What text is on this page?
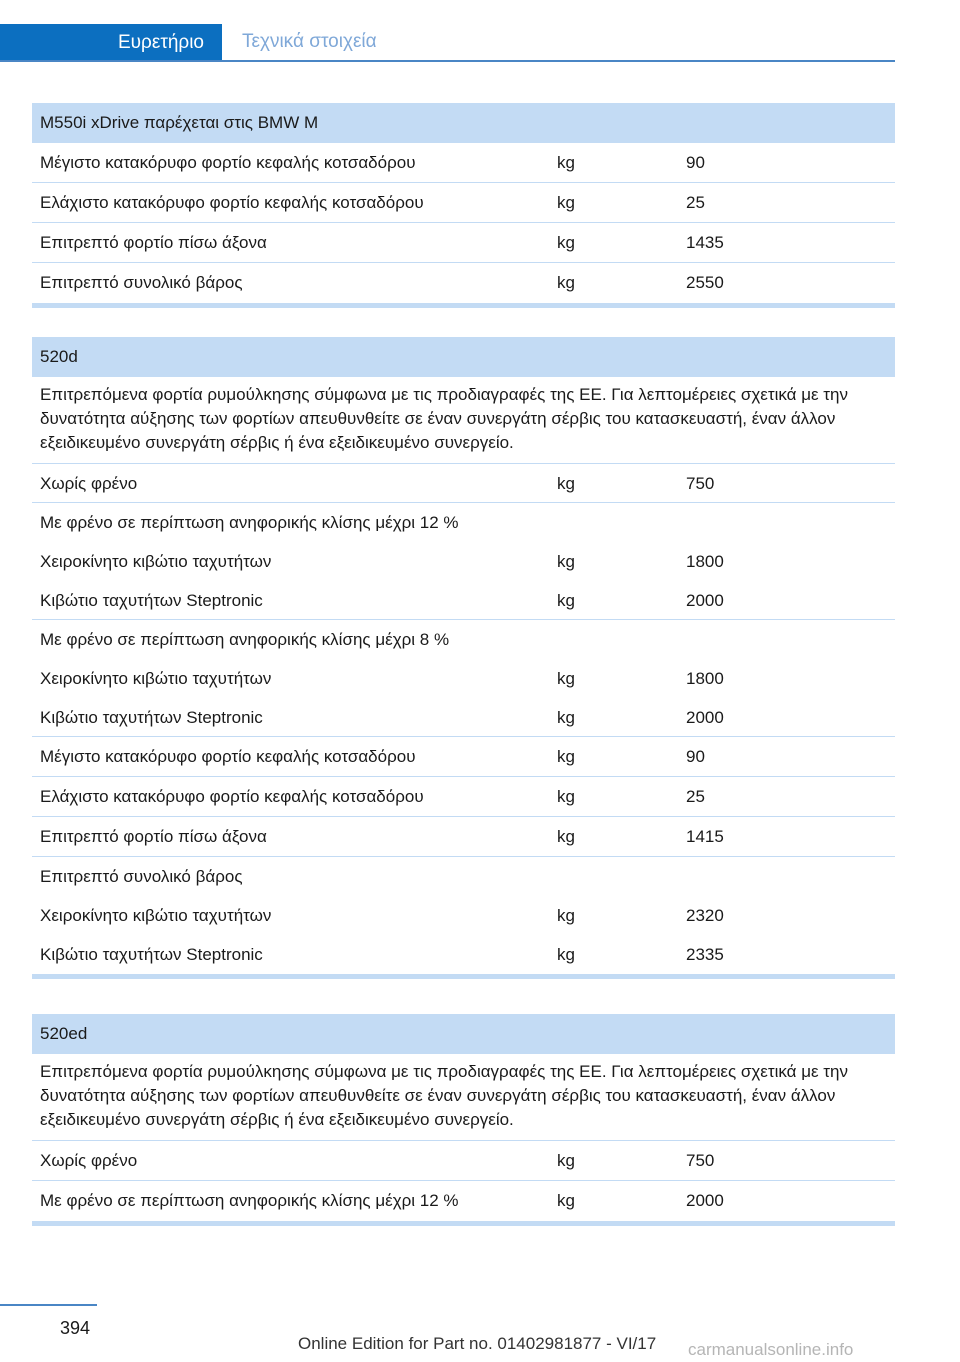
Ευρετήριο	Τεχνικά στοιχεία
M550i xDrive παρέχεται στις BMW M
Μέγιστο κατακόρυφο φορτίο κεφαλής κοτσαδόρου	kg	90
Ελάχιστο κατακόρυφο φορτίο κεφαλής κοτσαδόρου	kg	25
Επιτρεπτό φορτίο πίσω άξονα	kg	1435
Επιτρεπτό συνολικό βάρος	kg	2550
520d
Επιτρεπόμενα φορτία ρυμούλκησης σύμφωνα με τις προδιαγραφές της ΕΕ. Για λεπτομέρειες σχετικά με την δυνατότητα αύξησης των φορτίων απευθυνθείτε σε έναν συνεργάτη σέρβις του κατασκευαστή, έναν άλλον εξειδικευμένο συνεργάτη σέρβις ή ένα εξειδικευμένο συνεργείο.
Χωρίς φρένο	kg	750
Με φρένο σε περίπτωση ανηφορικής κλίσης μέχρι 12 %
Χειροκίνητο κιβώτιο ταχυτήτων	kg	1800
Κιβώτιο ταχυτήτων Steptronic	kg	2000
Με φρένο σε περίπτωση ανηφορικής κλίσης μέχρι 8 %
Χειροκίνητο κιβώτιο ταχυτήτων	kg	1800
Κιβώτιο ταχυτήτων Steptronic	kg	2000
Μέγιστο κατακόρυφο φορτίο κεφαλής κοτσαδόρου	kg	90
Ελάχιστο κατακόρυφο φορτίο κεφαλής κοτσαδόρου	kg	25
Επιτρεπτό φορτίο πίσω άξονα	kg	1415
Επιτρεπτό συνολικό βάρος
Χειροκίνητο κιβώτιο ταχυτήτων	kg	2320
Κιβώτιο ταχυτήτων Steptronic	kg	2335
520ed
Επιτρεπόμενα φορτία ρυμούλκησης σύμφωνα με τις προδιαγραφές της ΕΕ. Για λεπτομέρειες σχετικά με την δυνατότητα αύξησης των φορτίων απευθυνθείτε σε έναν συνεργάτη σέρβις του κατασκευαστή, έναν άλλον εξειδικευμένο συνεργάτη σέρβις ή ένα εξειδικευμένο συνεργείο.
Χωρίς φρένο	kg	750
Με φρένο σε περίπτωση ανηφορικής κλίσης μέχρι 12 %	kg	2000
394
Online Edition for Part no. 01402981877 - VI/17 carmanualsonline.info
